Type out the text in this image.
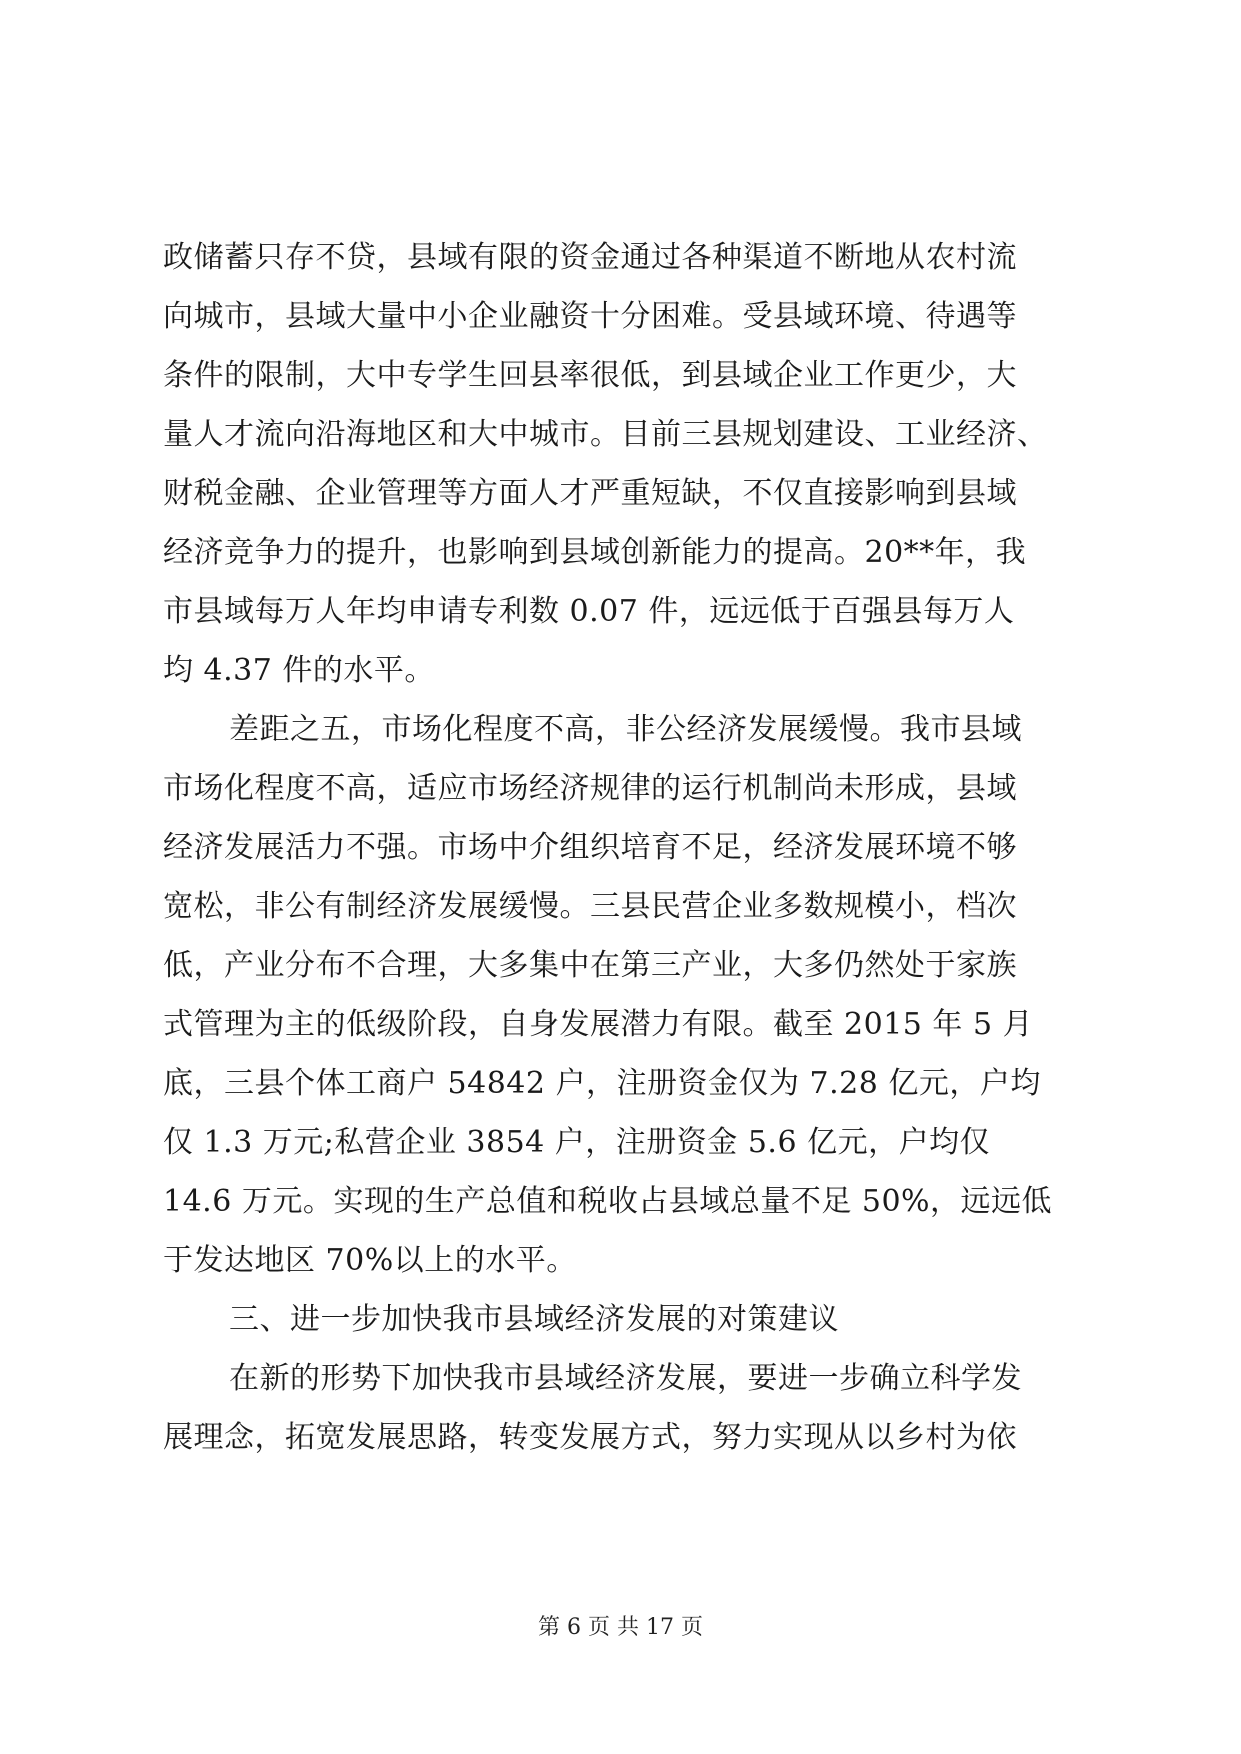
政储蓄只存不贷，县域有限的资金通过各种渠道不断地从农村流
向城市，县域大量中小企业融资十分困难。受县域环境、待遇等
条件的限制，大中专学生回县率很低，到县域企业工作更少，大
量人才流向沿海地区和大中城市。目前三县规划建设、工业经济、
财税金融、企业管理等方面人才严重短缺，不仅直接影响到县域
经济竞争力的提升，也影响到县域创新能力的提高。20**年，我
市县域每万人年均申请专利数 0.07 件，远远低于百强县每万人
均 4.37 件的水平。
差距之五，市场化程度不高，非公经济发展缓慢。我市县域
市场化程度不高，适应市场经济规律的运行机制尚未形成，县域
经济发展活力不强。市场中介组织培育不足，经济发展环境不够
宽松，非公有制经济发展缓慢。三县民营企业多数规模小，档次
低，产业分布不合理，大多集中在第三产业，大多仍然处于家族
式管理为主的低级阶段，自身发展潜力有限。截至 2015 年 5 月
底，三县个体工商户 54842 户，注册资金仅为 7.28 亿元，户均
仅 1.3 万元;私营企业 3854 户，注册资金 5.6 亿元，户均仅
14.6 万元。实现的生产总值和税收占县域总量不足 50%，远远低
于发达地区 70%以上的水平。
三、进一步加快我市县域经济发展的对策建议
在新的形势下加快我市县域经济发展，要进一步确立科学发
展理念，拓宽发展思路，转变发展方式，努力实现从以乡村为依
第 6 页 共 17 页
